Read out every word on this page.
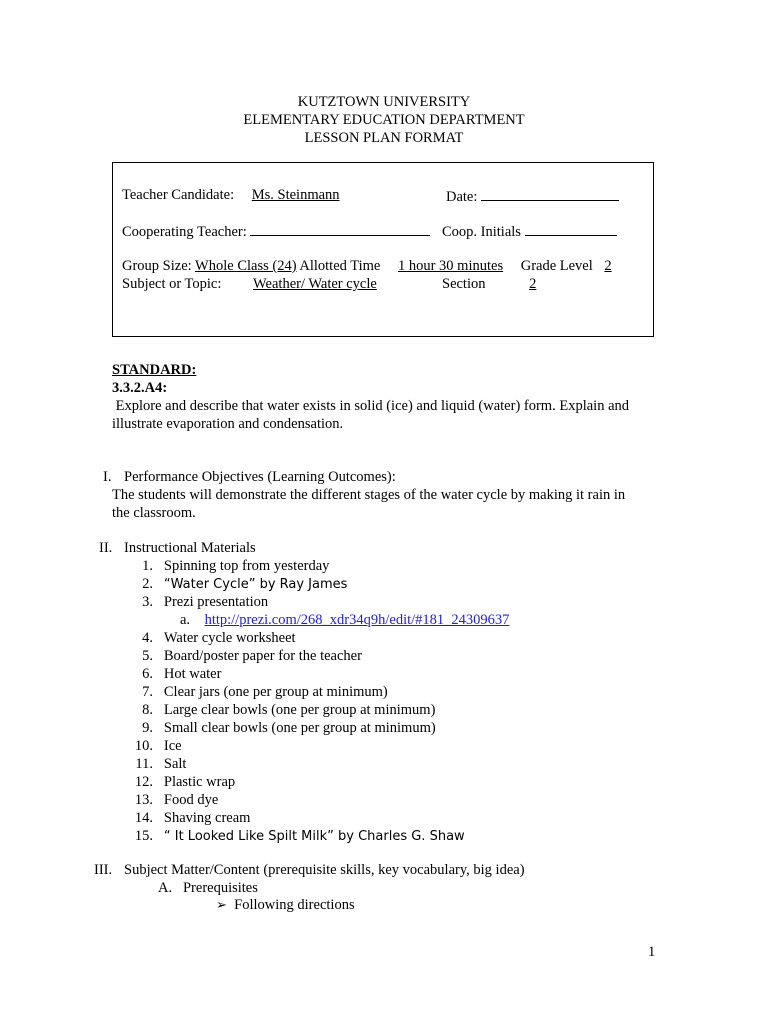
KUTZTOWN UNIVERSITY
ELEMENTARY EDUCATION DEPARTMENT
LESSON PLAN FORMAT
Teacher Candidate: Ms. Steinmann	Date:
Cooperating Teacher:	Coop. Initials
Group Size: Whole Class (24) Allotted Time 1 hour 30 minutes Grade Level 2
Subject or Topic: Weather/ Water cycle	Section	2
STANDARD:
3.3.2.A4:
Explore and describe that water exists in solid (ice) and liquid (water) form. Explain and
illustrate evaporation and condensation.
I. Performance Objectives (Learning Outcomes):
The students will demonstrate the different stages of the water cycle by making it rain in
the classroom.
II. Instructional Materials
1. Spinning top from yesterday
2. “Water Cycle” by Ray James
3. Prezi presentation
a. http://prezi.com/268_xdr34q9h/edit/#181_24309637
4. Water cycle worksheet
5. Board/poster paper for the teacher
6. Hot water
7. Clear jars (one per group at minimum)
8. Large clear bowls (one per group at minimum)
9. Small clear bowls (one per group at minimum)
10. Ice
11. Salt
12. Plastic wrap
13. Food dye
14. Shaving cream
15. “ It Looked Like Spilt Milk” by Charles G. Shaw
III. Subject Matter/Content (prerequisite skills, key vocabulary, big idea)
A. Prerequisites
➢ Following directions
1
